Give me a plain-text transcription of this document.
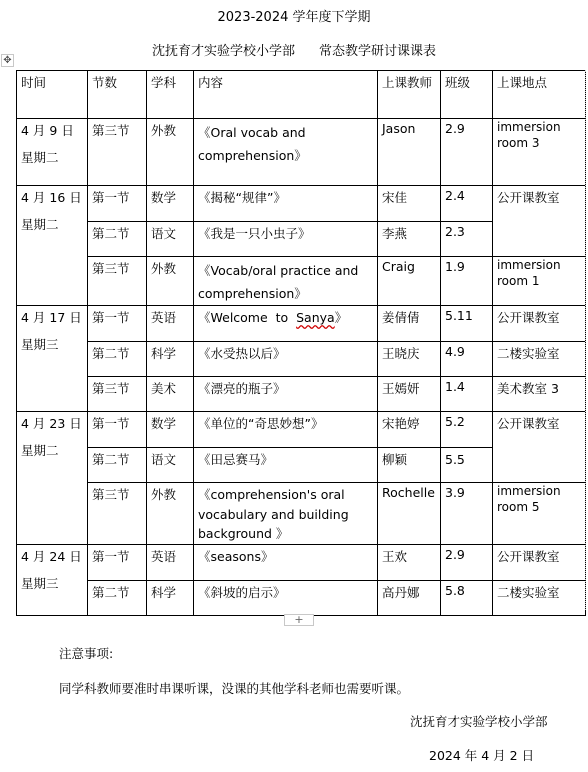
2023-2024 学年度下学期
沈抚育才实验学校小学部 常态教学研讨课课表
✥
时间	节数	学科	内容	上课教师	班级	上课地点
4 月 9 日
星期二	第三节	外教	《Oral vocab and comprehension》	Jason	2.9	immersion room 3

4 月 16 日
星期二	第一节	数学	《揭秘“规律”》	宋佳	2.4	公开课教室
	第二节	语文	《我是一只小虫子》	李燕	2.3	
	第三节	外教	《Vocab/oral practice and comprehension》	Craig	1.9	immersion room 1

4 月 17 日
星期三	第一节	英语	《Welcome  to  Sanya》	姜倩倩	5.11	公开课教室
	第二节	科学	《水受热以后》	王晓庆	4.9	二楼实验室
	第三节	美术	《漂亮的瓶子》	王嫣妍	1.4	美术教室 3
4 月 23 日
星期二	第一节	数学	《单位的“奇思妙想”》	宋艳婷	5.2	公开课教室
	第二节	语文	《田忌赛马》	柳颖	5.5	
	第三节	外教	《comprehension's oral vocabulary and building background 》	Rochelle	3.9	immersion room 5

4 月 24 日
星期三	第一节	英语	《seasons》	王欢	2.9	公开课教室
	第二节	科学	《斜坡的启示》	高丹娜	5.8	二楼实验室
+
注意事项:
同学科教师要准时串课听课，没课的其他学科老师也需要听课。
沈抚育才实验学校小学部
2024 年 4 月 2 日
